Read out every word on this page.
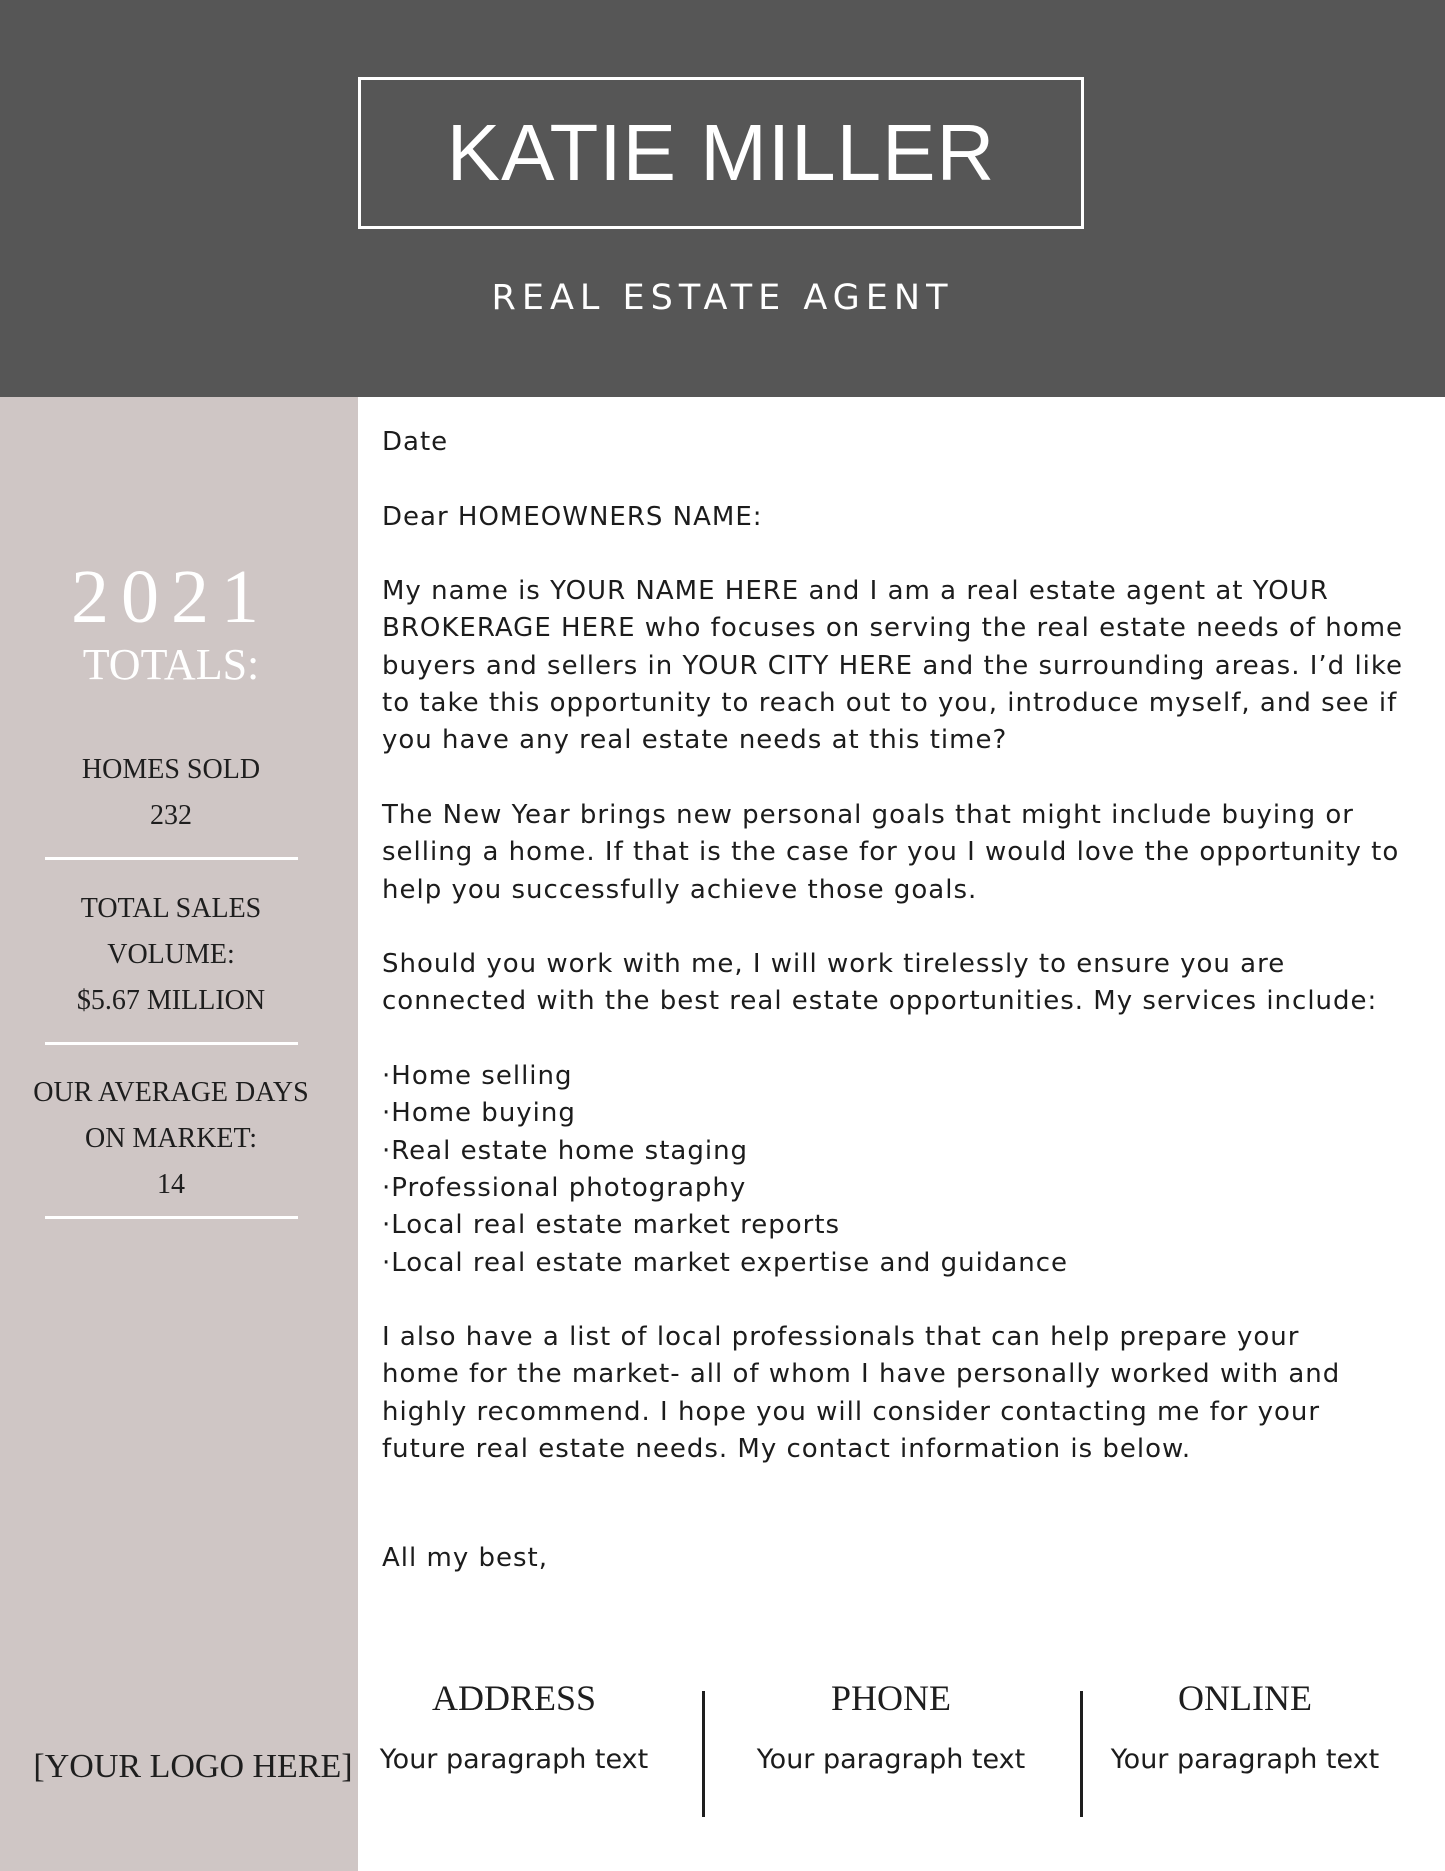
KATIE MILLER
REAL ESTATE AGENT
2021
TOTALS:
HOMES SOLD
232
TOTAL SALES
VOLUME:
$5.67 MILLION
OUR AVERAGE DAYS
ON MARKET:
14
[YOUR LOGO HERE]

Date

Dear HOMEOWNERS NAME:

My name is YOUR NAME HERE and I am a real estate agent at YOUR

BROKERAGE HERE who focuses on serving the real estate needs of home

buyers and sellers in YOUR CITY HERE and the surrounding areas. I’d like

to take this opportunity to reach out to you, introduce myself, and see if

you have any real estate needs at this time?

The New Year brings new personal goals that might include buying or

selling a home. If that is the case for you I would love the opportunity to

help you successfully achieve those goals.

Should you work with me, I will work tirelessly to ensure you are

connected with the best real estate opportunities. My services include:

·Home selling

·Home buying

·Real estate home staging

·Professional photography

·Local real estate market reports

·Local real estate market expertise and guidance

I also have a list of local professionals that can help prepare your

home for the market- all of whom I have personally worked with and

highly recommend. I hope you will consider contacting me for your

future real estate needs. My contact information is below.

All my best,
ADDRESS
Your paragraph text
PHONE
Your paragraph text
ONLINE
Your paragraph text
